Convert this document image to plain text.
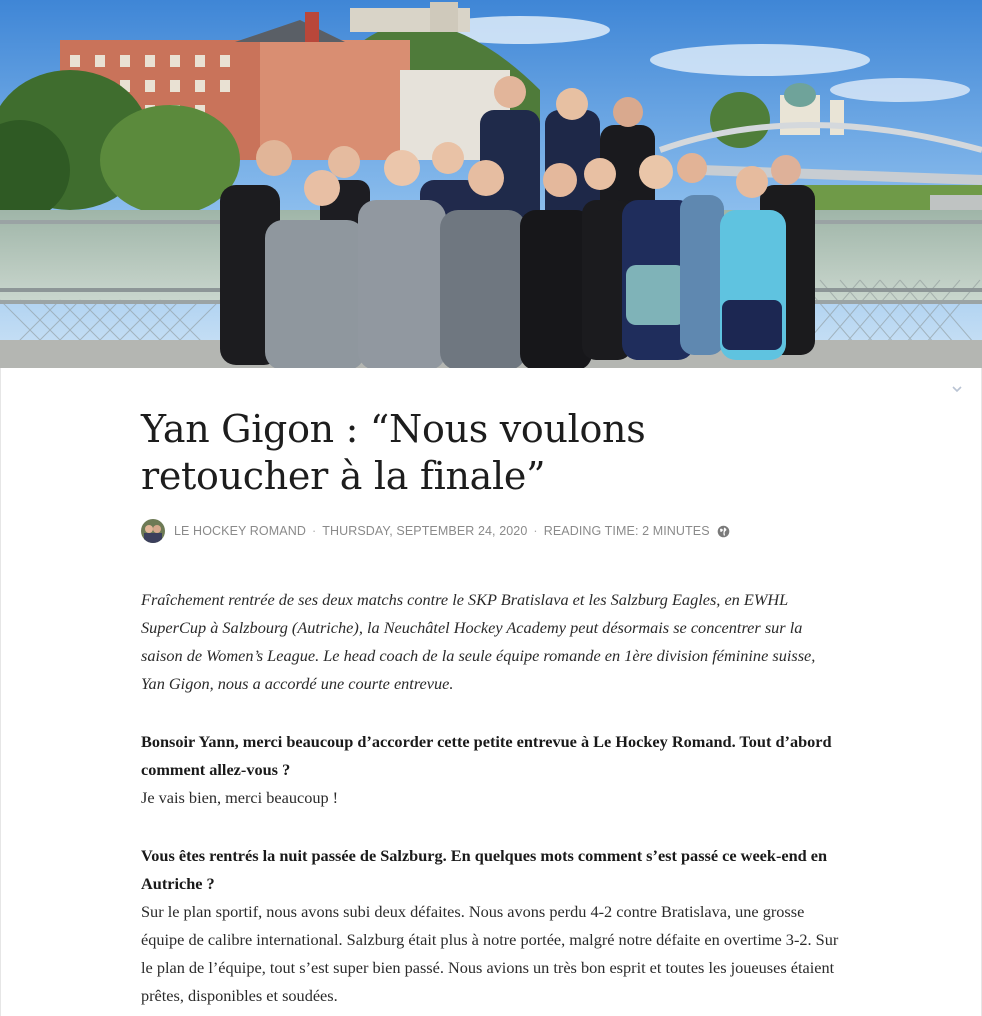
Yan Gigon : “Nous voulons retoucher à la finale”
LE HOCKEY ROMAND · THURSDAY, SEPTEMBER 24, 2020 · READING TIME: 2 MINUTES

Fraîchement rentrée de ses deux matchs contre le SKP Bratislava et les Salzburg Eagles, en EWHL SuperCup à Salzbourg (Autriche), la Neuchâtel Hockey Academy peut désormais se concentrer sur la saison de Women’s League. Le head coach de la seule équipe romande en 1ère division féminine suisse, Yan Gigon, nous a accordé une courte entrevue.

Bonsoir Yann, merci beaucoup d’accorder cette petite entrevue à Le Hockey Romand. Tout d’abord comment allez-vous ?

Je vais bien, merci beaucoup !

Vous êtes rentrés la nuit passée de Salzburg. En quelques mots comment s’est passé ce week-end en Autriche ?

Sur le plan sportif, nous avons subi deux défaites. Nous avons perdu 4-2 contre Bratislava, une grosse équipe de calibre international. Salzburg était plus à notre portée, malgré notre défaite en overtime 3-2. Sur le plan de l’équipe, tout s’est super bien passé. Nous avions un très bon esprit et toutes les joueuses étaient prêtes, disponibles et soudées.
